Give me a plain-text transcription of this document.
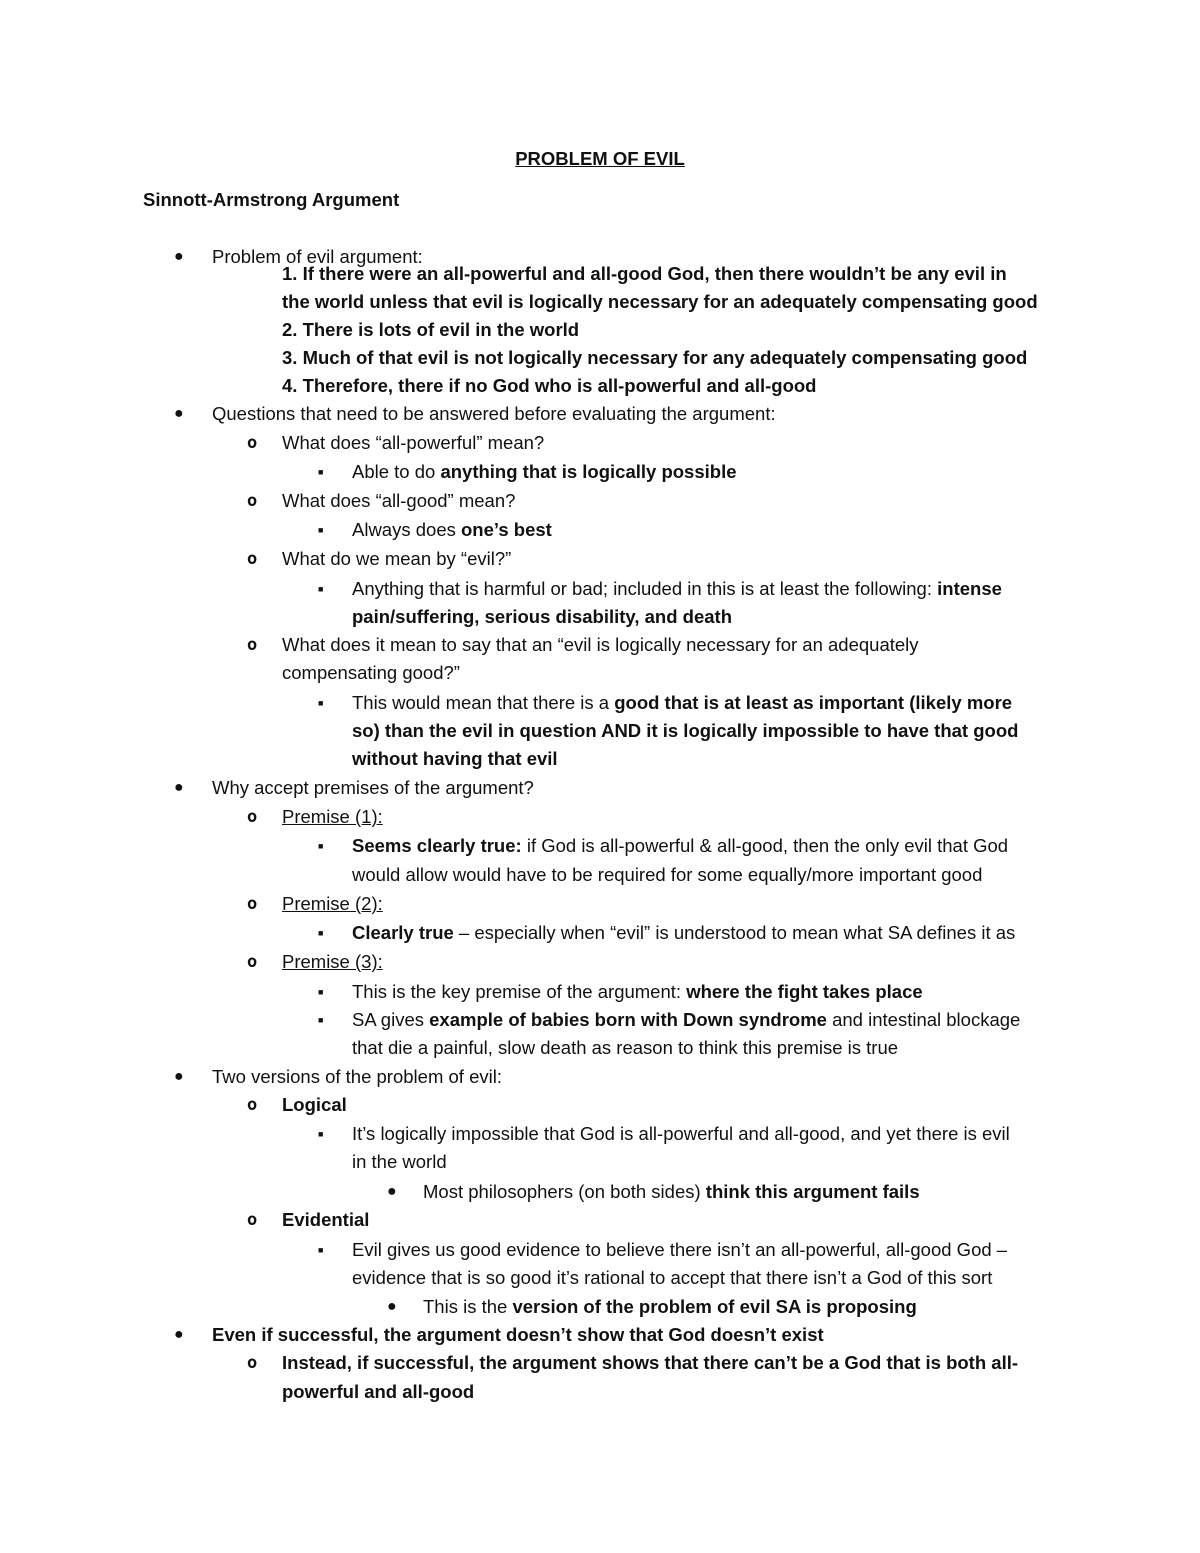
PROBLEM OF EVIL
Sinnott-Armstrong Argument
● Problem of evil argument:
1. If there were an all-powerful and all-good God, then there wouldn’t be any evil in
the world unless that evil is logically necessary for an adequately compensating good
2. There is lots of evil in the world
3. Much of that evil is not logically necessary for any adequately compensating good
4. Therefore, there if no God who is all-powerful and all-good
● Questions that need to be answered before evaluating the argument:
o What does “all-powerful” mean?
■ Able to do anything that is logically possible
o What does “all-good” mean?
■ Always does one’s best
o What do we mean by “evil?”
■ Anything that is harmful or bad; included in this is at least the following: intense
pain/suffering, serious disability, and death
o What does it mean to say that an “evil is logically necessary for an adequately
compensating good?”
■ This would mean that there is a good that is at least as important (likely more
so) than the evil in question AND it is logically impossible to have that good
without having that evil
● Why accept premises of the argument?
o Premise (1):
■ Seems clearly true: if God is all-powerful & all-good, then the only evil that God
would allow would have to be required for some equally/more important good
o Premise (2):
■ Clearly true – especially when “evil” is understood to mean what SA defines it as
o Premise (3):
■ This is the key premise of the argument: where the fight takes place
■ SA gives example of babies born with Down syndrome and intestinal blockage
that die a painful, slow death as reason to think this premise is true
● Two versions of the problem of evil:
o Logical
■ It’s logically impossible that God is all-powerful and all-good, and yet there is evil
in the world
● Most philosophers (on both sides) think this argument fails
o Evidential
■ Evil gives us good evidence to believe there isn’t an all-powerful, all-good God –
evidence that is so good it’s rational to accept that there isn’t a God of this sort
● This is the version of the problem of evil SA is proposing
● Even if successful, the argument doesn’t show that God doesn’t exist
o Instead, if successful, the argument shows that there can’t be a God that is both all-
powerful and all-good
